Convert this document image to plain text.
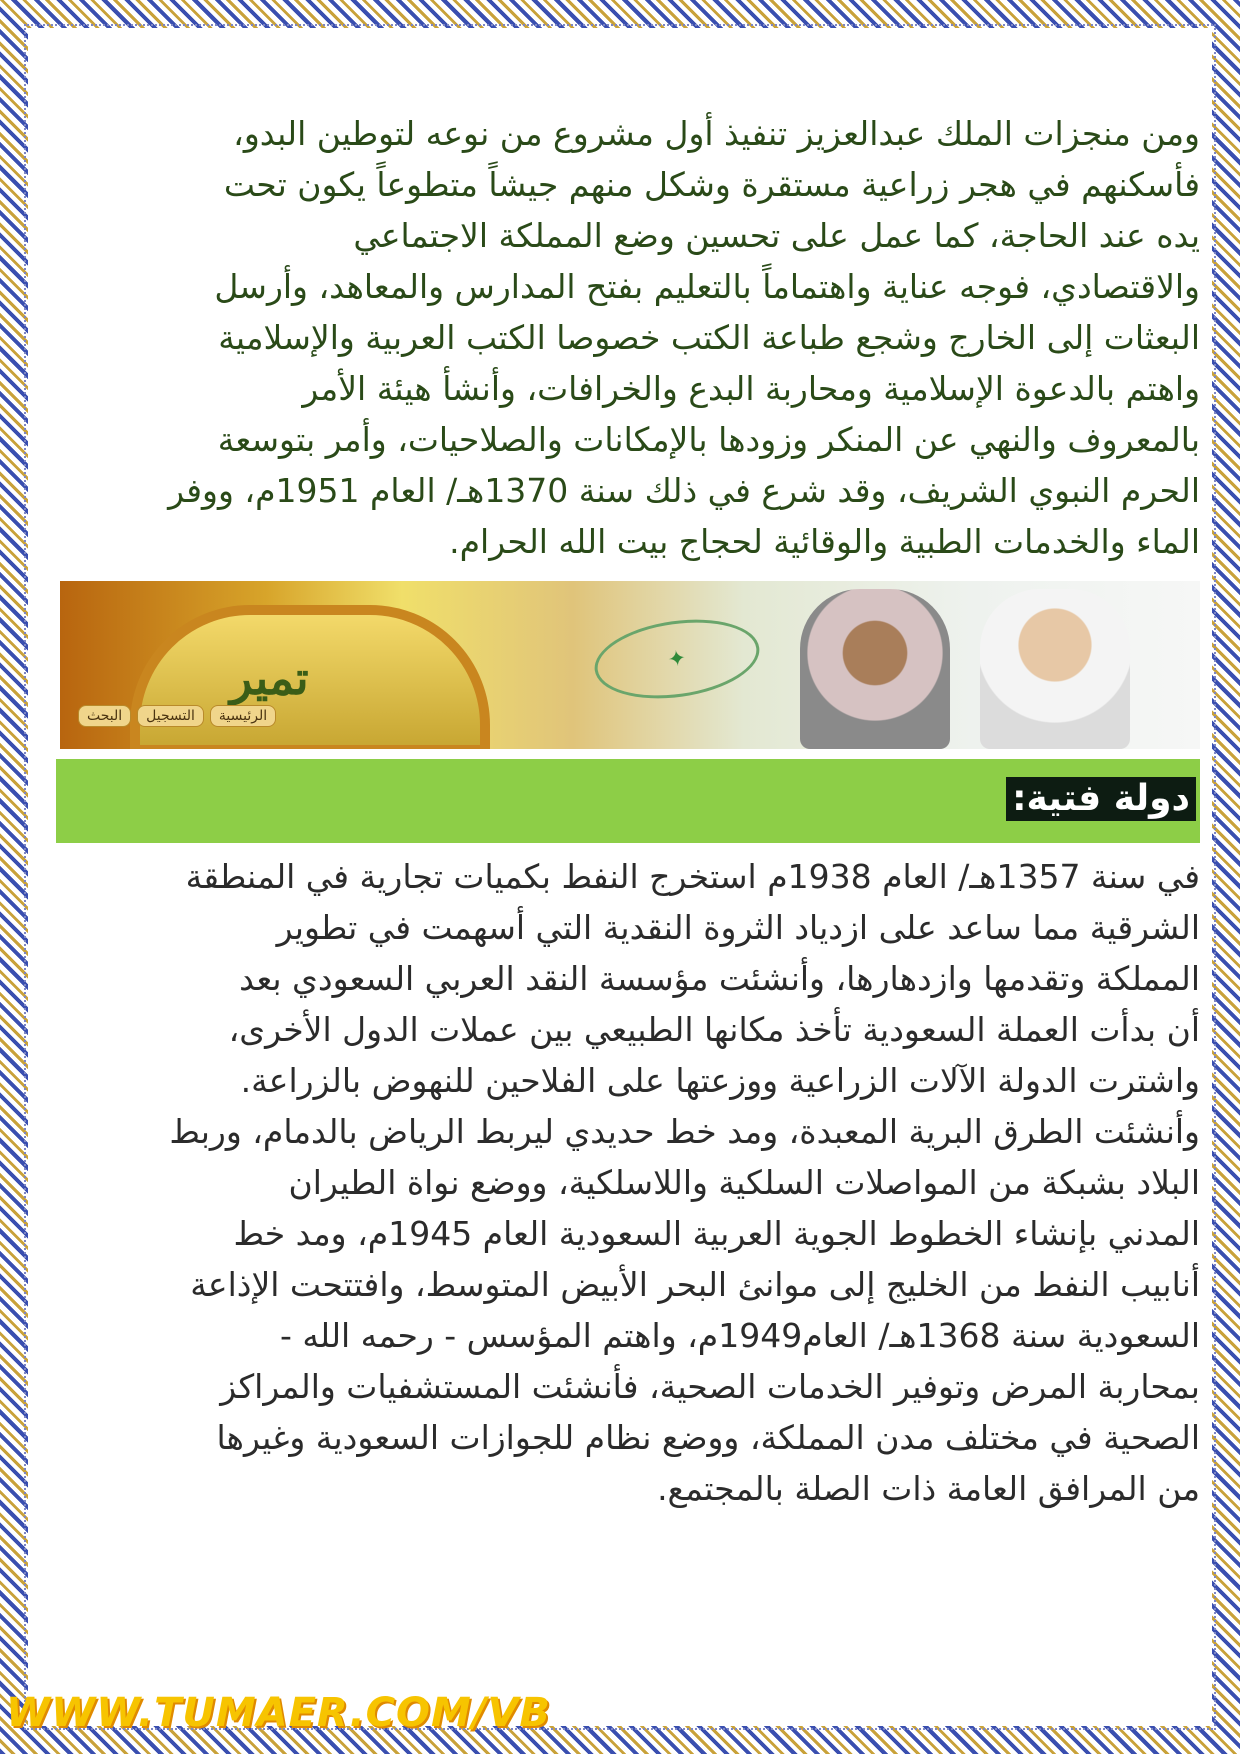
ومن منجزات الملك عبدالعزيز تنفيذ أول مشروع من نوعه لتوطين البدو،
فأسكنهم في هجر زراعية مستقرة وشكل منهم جيشاً متطوعاً يكون تحت
يده عند الحاجة، كما عمل على تحسين وضع المملكة الاجتماعي
والاقتصادي، فوجه عناية واهتماماً بالتعليم بفتح المدارس والمعاهد، وأرسل
البعثات إلى الخارج وشجع طباعة الكتب خصوصا الكتب العربية والإسلامية
واهتم بالدعوة الإسلامية ومحاربة البدع والخرافات، وأنشأ هيئة الأمر
بالمعروف والنهي عن المنكر وزودها بالإمكانات والصلاحيات، وأمر بتوسعة
الحرم النبوي الشريف، وقد شرع في ذلك سنة 1370هـ/ العام 1951م، ووفر
الماء والخدمات الطبية والوقائية لحجاج بيت الله الحرام.

✦
تمير
الرئيسية
التسجيل
البحث
دولة فتية:

في سنة 1357هـ/ العام 1938م استخرج النفط بكميات تجارية في المنطقة
الشرقية مما ساعد على ازدياد الثروة النقدية التي أسهمت في تطوير
المملكة وتقدمها وازدهارها، وأنشئت مؤسسة النقد العربي السعودي بعد
أن بدأت العملة السعودية تأخذ مكانها الطبيعي بين عملات الدول الأخرى،
واشترت الدولة الآلات الزراعية ووزعتها على الفلاحين للنهوض بالزراعة.
وأنشئت الطرق البرية المعبدة، ومد خط حديدي ليربط الرياض بالدمام، وربط
البلاد بشبكة من المواصلات السلكية واللاسلكية، ووضع نواة الطيران
المدني بإنشاء الخطوط الجوية العربية السعودية العام 1945م، ومد خط
أنابيب النفط من الخليج إلى موانئ البحر الأبيض المتوسط، وافتتحت الإذاعة
السعودية سنة 1368هـ/ العام1949م، واهتم المؤسس - رحمه الله -
بمحاربة المرض وتوفير الخدمات الصحية، فأنشئت المستشفيات والمراكز
الصحية في مختلف مدن المملكة، ووضع نظام للجوازات السعودية وغيرها
من المرافق العامة ذات الصلة بالمجتمع.

WWW.TUMAER.COM/VB
